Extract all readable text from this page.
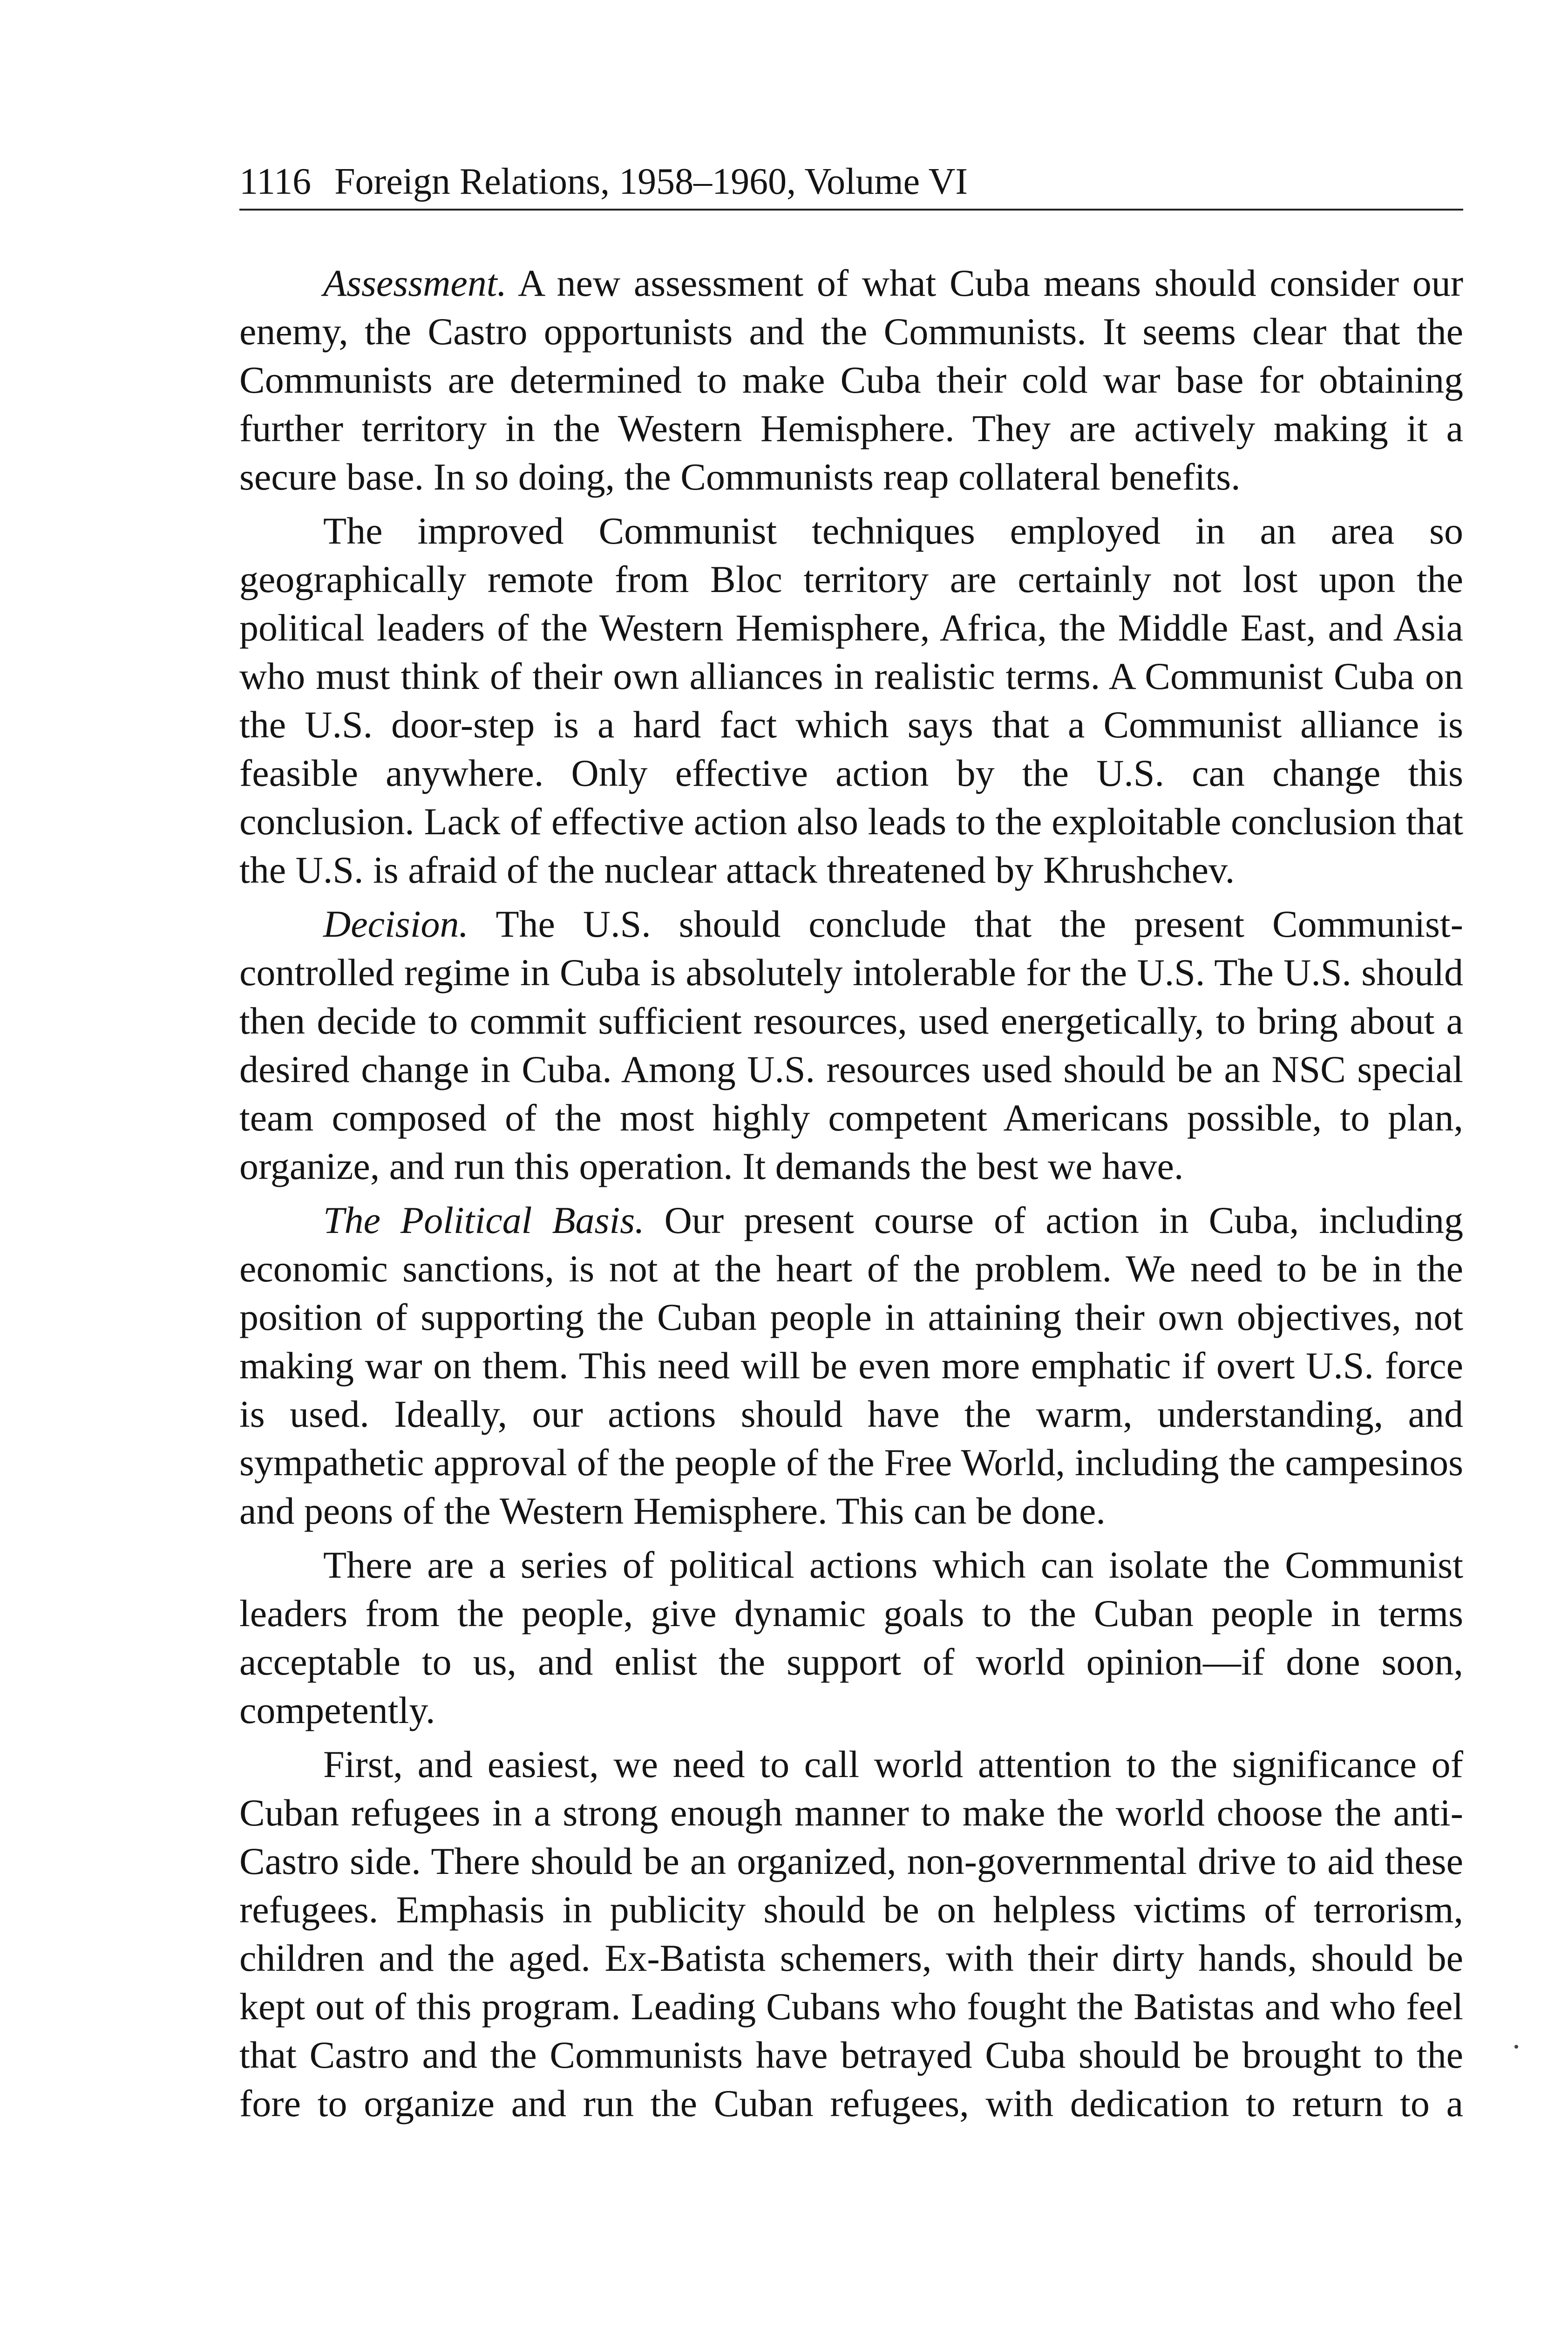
1116 Foreign Relations, 1958–1960, Volume VI

Assessment. A new assessment of what Cuba means should consider our enemy, the Castro opportunists and the Communists. It seems clear that the Communists are determined to make Cuba their cold war base for obtaining further territory in the Western Hemisphere. They are actively making it a secure base. In so doing, the Communists reap collateral benefits.

The improved Communist techniques employed in an area so geographically remote from Bloc territory are certainly not lost upon the political leaders of the Western Hemisphere, Africa, the Middle East, and Asia who must think of their own alliances in realistic terms. A Communist Cuba on the U.S. door-step is a hard fact which says that a Communist alliance is feasible anywhere. Only effective action by the U.S. can change this conclusion. Lack of effective action also leads to the exploitable conclusion that the U.S. is afraid of the nuclear attack threatened by Khrushchev.

Decision. The U.S. should conclude that the present Communist-controlled regime in Cuba is absolutely intolerable for the U.S. The U.S. should then decide to commit sufficient resources, used energetically, to bring about a desired change in Cuba. Among U.S. resources used should be an NSC special team composed of the most highly competent Americans possible, to plan, organize, and run this operation. It demands the best we have.

The Political Basis. Our present course of action in Cuba, including economic sanctions, is not at the heart of the problem. We need to be in the position of supporting the Cuban people in attaining their own objectives, not making war on them. This need will be even more emphatic if overt U.S. force is used. Ideally, our actions should have the warm, understanding, and sympathetic approval of the people of the Free World, including the campesinos and peons of the Western Hemisphere. This can be done.

There are a series of political actions which can isolate the Communist leaders from the people, give dynamic goals to the Cuban people in terms acceptable to us, and enlist the support of world opinion—if done soon, competently.

First, and easiest, we need to call world attention to the significance of Cuban refugees in a strong enough manner to make the world choose the anti-Castro side. There should be an organized, non-governmental drive to aid these refugees. Emphasis in publicity should be on helpless victims of terrorism, children and the aged. Ex-Batista schemers, with their dirty hands, should be kept out of this program. Leading Cubans who fought the Batistas and who feel that Castro and the Communists have betrayed Cuba should be brought to the fore to organize and run the Cuban refugees, with dedication to return to a
